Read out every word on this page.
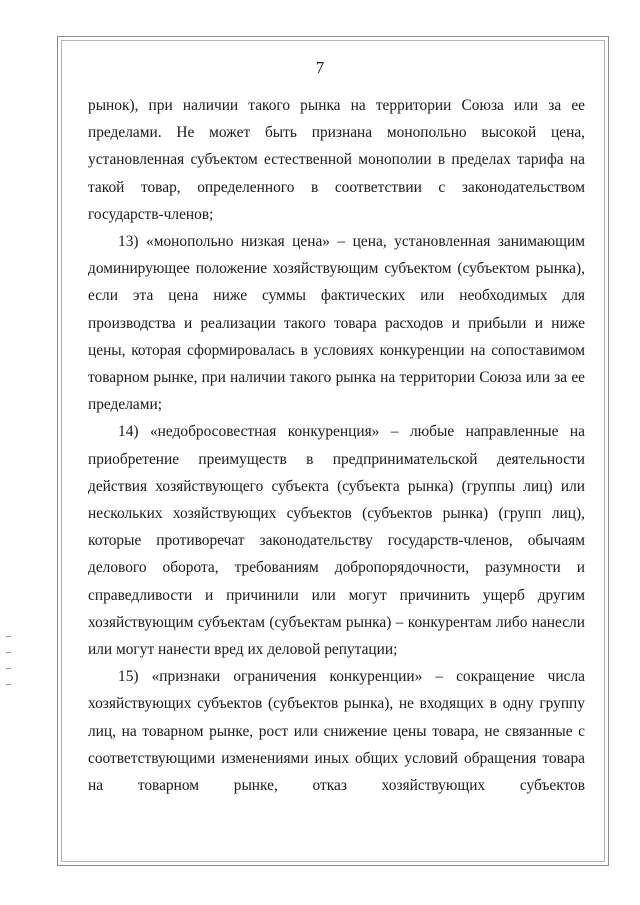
7

рынок), при наличии такого рынка на территории Союза или за ее пределами. Не может быть признана монопольно высокой цена, установленная субъектом естественной монополии в пределах тарифа на такой товар, определенного в соответствии с законодательством государств-членов;

13) «монопольно низкая цена» – цена, установленная занимающим доминирующее положение хозяйствующим субъектом (субъектом рынка), если эта цена ниже суммы фактических или необходимых для производства и реализации такого товара расходов и прибыли и ниже цены, которая сформировалась в условиях конкуренции на сопоставимом товарном рынке, при наличии такого рынка на территории Союза или за ее пределами;

14) «недобросовестная конкуренция» – любые направленные на приобретение преимуществ в предпринимательской деятельности действия хозяйствующего субъекта (субъекта рынка) (группы лиц) или нескольких хозяйствующих субъектов (субъектов рынка) (групп лиц), которые противоречат законодательству государств-членов, обычаям делового оборота, требованиям добропорядочности, разумности и справедливости и причинили или могут причинить ущерб другим хозяйствующим субъектам (субъектам рынка) – конкурентам либо нанесли или могут нанести вред их деловой репутации;

15) «признаки ограничения конкуренции» – сокращение числа хозяйствующих субъектов (субъектов рынка), не входящих в одну группу лиц, на товарном рынке, рост или снижение цены товара, не связанные с соответствующими изменениями иных общих условий обращения товара на товарном рынке, отказ хозяйствующих субъектов
